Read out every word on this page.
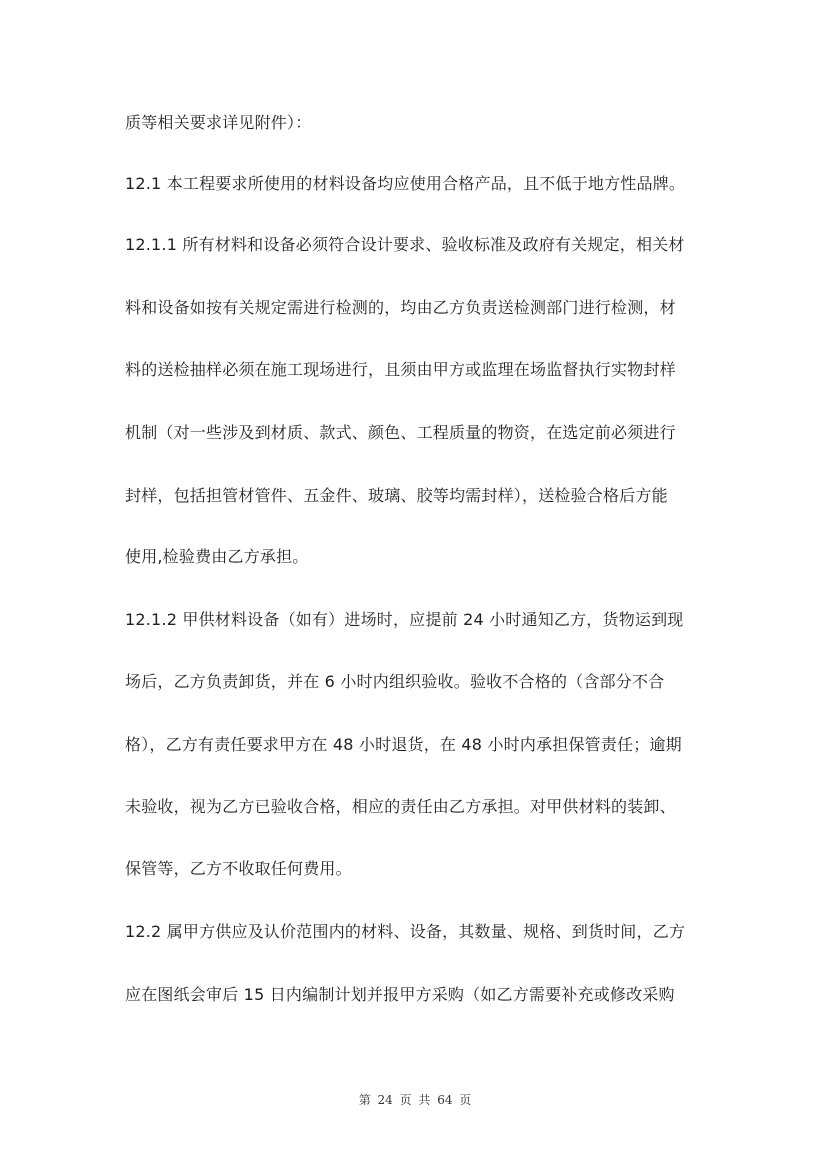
质等相关要求详见附件）：

12.1 本工程要求所使用的材料设备均应使用合格产品，且不低于地方性品牌。

12.1.1 所有材料和设备必须符合设计要求、验收标准及政府有关规定，相关材

料和设备如按有关规定需进行检测的，均由乙方负责送检测部门进行检测，材

料的送检抽样必须在施工现场进行，且须由甲方或监理在场监督执行实物封样

机制（对一些涉及到材质、款式、颜色、工程质量的物资，在选定前必须进行

封样，包括担管材管件、五金件、玻璃、胶等均需封样），送检验合格后方能

使用,检验费由乙方承担。

12.1.2 甲供材料设备（如有）进场时，应提前 24 小时通知乙方，货物运到现

场后，乙方负责卸货，并在 6 小时内组织验收。验收不合格的（含部分不合

格），乙方有责任要求甲方在 48 小时退货，在 48 小时内承担保管责任；逾期

未验收，视为乙方已验收合格，相应的责任由乙方承担。对甲供材料的装卸、

保管等，乙方不收取任何费用。

12.2 属甲方供应及认价范围内的材料、设备，其数量、规格、到货时间，乙方

应在图纸会审后 15 日内编制计划并报甲方采购（如乙方需要补充或修改采购

第 24 页 共 64 页
